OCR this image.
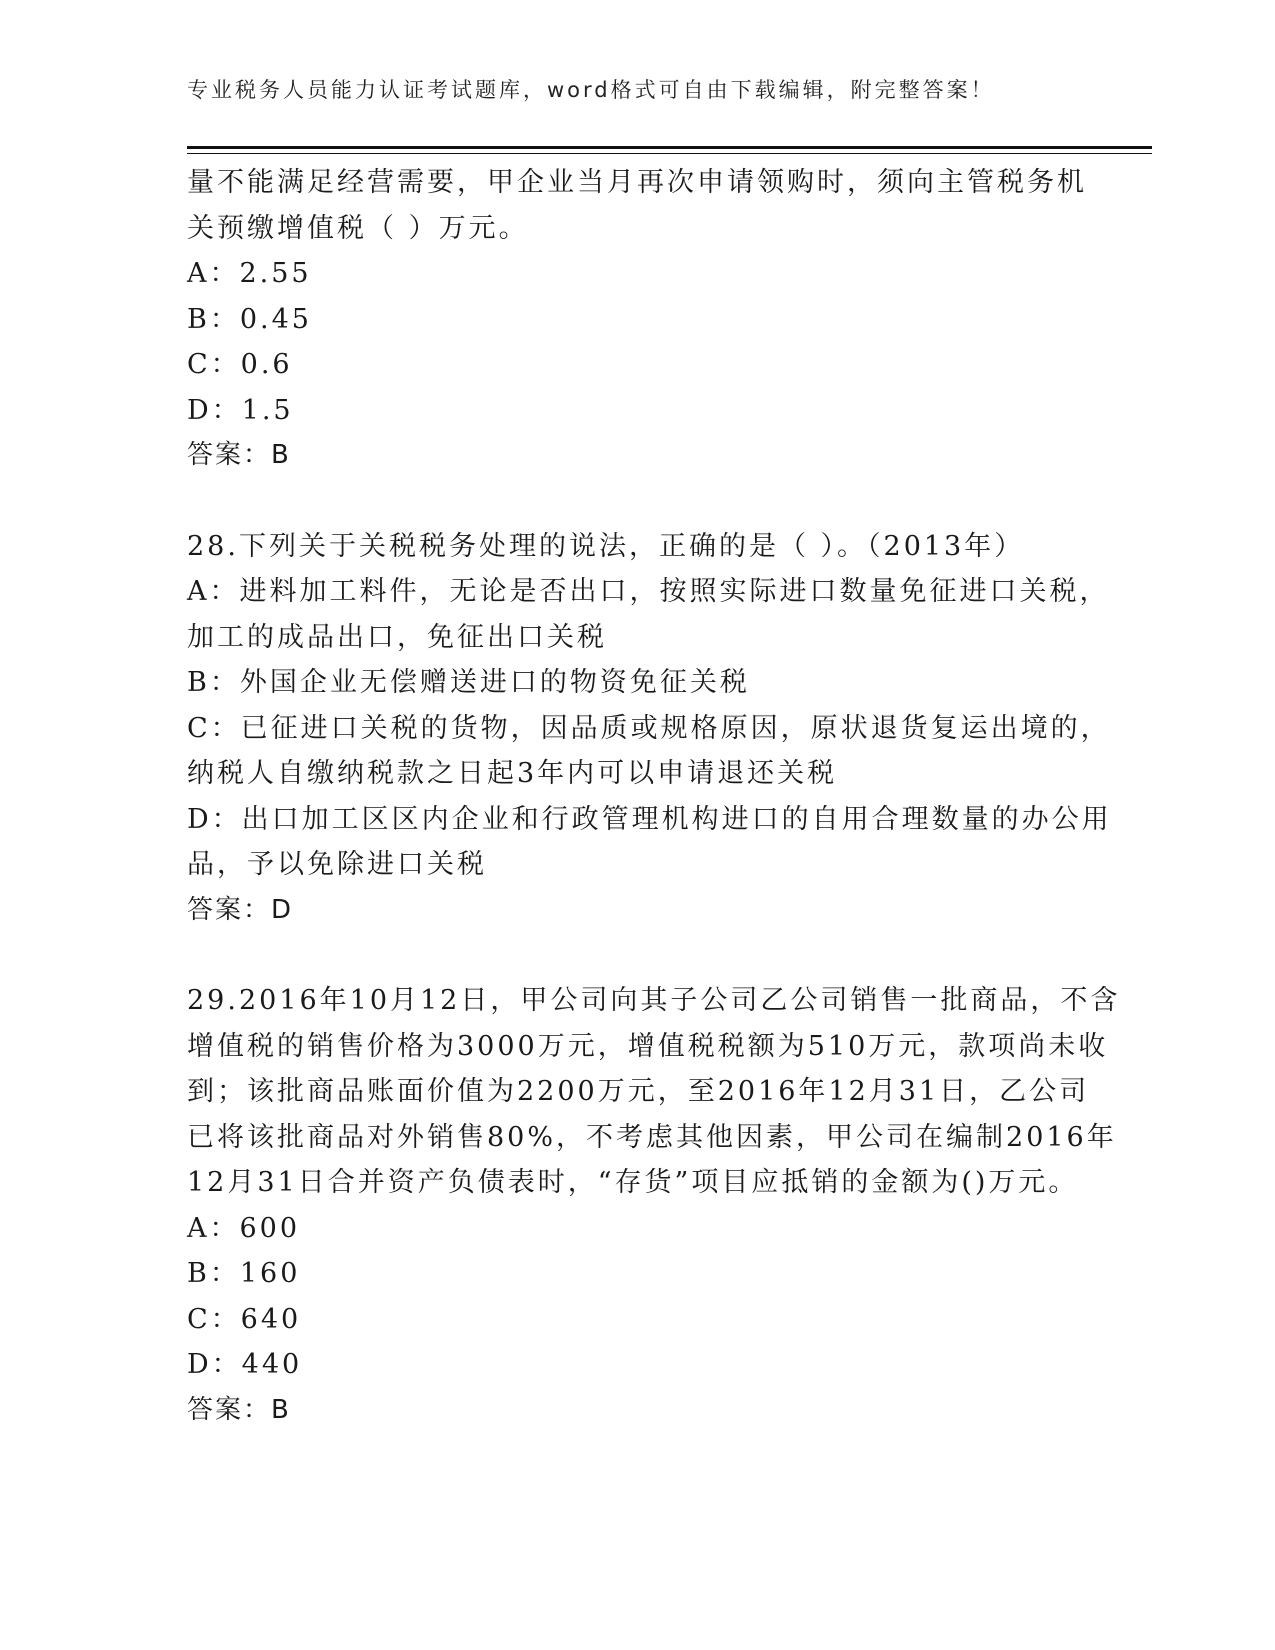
专业税务人员能力认证考试题库，word格式可自由下载编辑，附完整答案！
量不能满足经营需要，甲企业当月再次申请领购时，须向主管税务机
关预缴增值税（ ）万元。
A：2.55
B：0.45
C：0.6
D：1.5
答案：B
28.下列关于关税税务处理的说法，正确的是（ ）。（2013年）
A：进料加工料件，无论是否出口，按照实际进口数量免征进口关税，
加工的成品出口，免征出口关税
B：外国企业无偿赠送进口的物资免征关税
C：已征进口关税的货物，因品质或规格原因，原状退货复运出境的，
纳税人自缴纳税款之日起3年内可以申请退还关税
D：出口加工区区内企业和行政管理机构进口的自用合理数量的办公用
品，予以免除进口关税
答案：D
29.2016年10月12日，甲公司向其子公司乙公司销售一批商品，不含
增值税的销售价格为3000万元，增值税税额为510万元，款项尚未收
到；该批商品账面价值为2200万元，至2016年12月31日，乙公司
已将该批商品对外销售80%，不考虑其他因素，甲公司在编制2016年
12月31日合并资产负债表时，“存货”项目应抵销的金额为()万元。
A：600
B：160
C：640
D：440
答案：B
